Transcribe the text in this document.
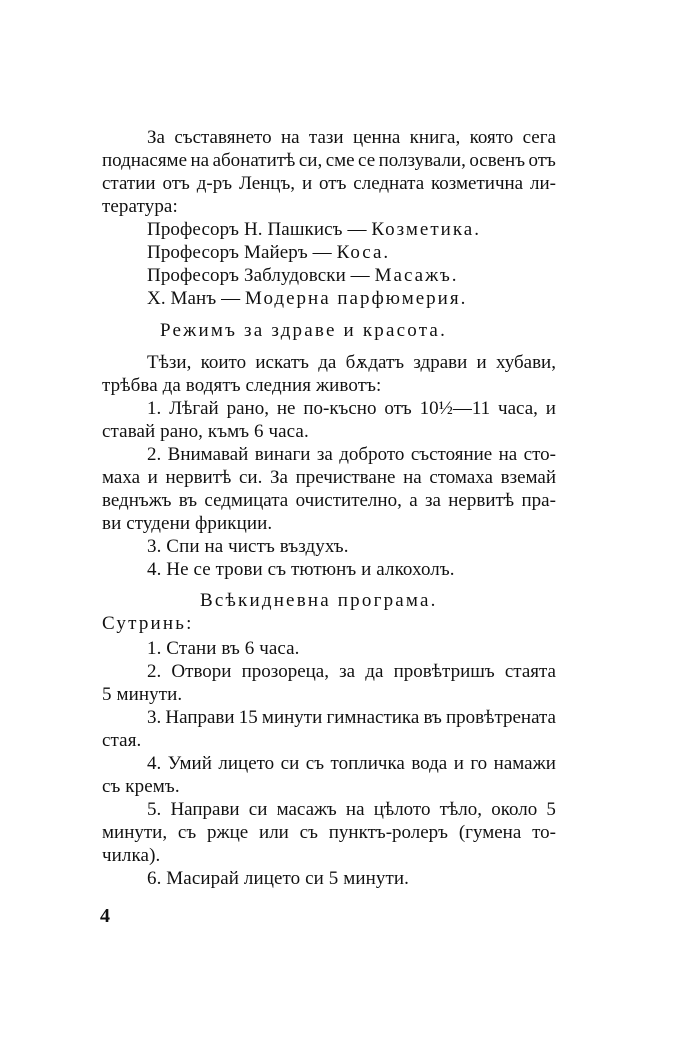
За съставянето на тази ценна книга, която сега
поднасяме на абонатитѣ си, сме се ползували, освенъ отъ
статии отъ д-ръ Ленцъ, и отъ следната козметична ли-
тература:
Професоръ Н. Пашкисъ — Козметика.
Професоръ Майеръ — Коса.
Професоръ Заблудовски — Масажъ.
Х. Манъ — Модерна парфюмерия.
Режимъ за здраве и красота.
Тѣзи, които искатъ да бѫдатъ здрави и хубави,
трѣбва да водятъ следния животъ:
1. Лѣгай рано, не по-късно отъ 10½—11 часа, и
ставай рано, къмъ 6 часа.
2. Внимавай винаги за доброто състояние на сто-
маха и нервитѣ си. За пречистване на стомаха вземай
веднъжъ въ седмицата очистително, а за нервитѣ пра-
ви студени фрикции.
3. Спи на чистъ въздухъ.
4. Не се трови съ тютюнъ и алкохолъ.
Всѣкидневна програма.
Сутринь:
1. Стани въ 6 часа.
2. Отвори прозореца, за да провѣтришъ стаята
5 минути.
3. Направи 15 минути гимнастика въ провѣтрената
стая.
4. Умий лицето си съ топличка вода и го намажи
съ кремъ.
5. Направи си масажъ на цѣлото тѣло, около 5
минути, съ ржце или съ пунктъ-ролеръ (гумена то-
чилка).
6. Масирай лицето си 5 минути.
4
